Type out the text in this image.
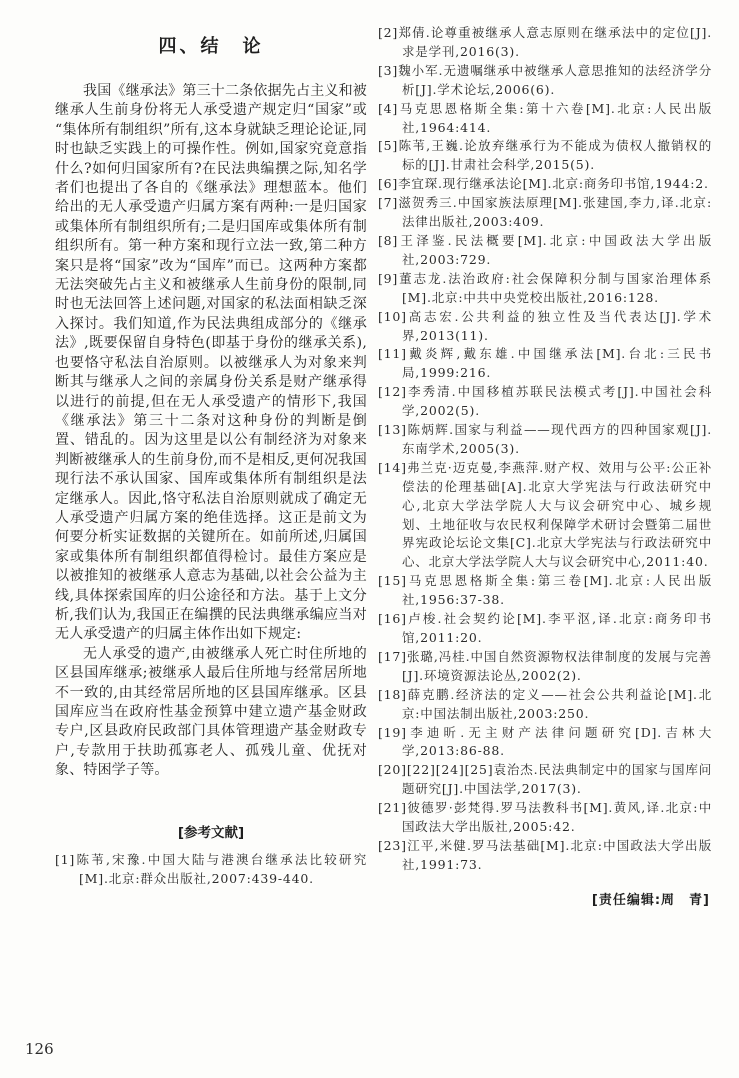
四、结　论

我国《继承法》第三十二条依据先占主义和被继承人生前身份将无人承受遗产规定归“国家”或“集体所有制组织”所有,这本身就缺乏理论论证,同时也缺乏实践上的可操作性。例如,国家究竟意指什么?如何归国家所有?在民法典编撰之际,知名学者们也提出了各自的《继承法》理想蓝本。他们给出的无人承受遗产归属方案有两种:一是归国家或集体所有制组织所有;二是归国库或集体所有制组织所有。第一种方案和现行立法一致,第二种方案只是将“国家”改为“国库”而已。这两种方案都无法突破先占主义和被继承人生前身份的限制,同时也无法回答上述问题,对国家的私法面相缺乏深入探讨。我们知道,作为民法典组成部分的《继承法》,既要保留自身特色(即基于身份的继承关系),也要恪守私法自治原则。以被继承人为对象来判断其与继承人之间的亲属身份关系是财产继承得以进行的前提,但在无人承受遗产的情形下,我国《继承法》第三十二条对这种身份的判断是倒置、错乱的。因为这里是以公有制经济为对象来判断被继承人的生前身份,而不是相反,更何况我国现行法不承认国家、国库或集体所有制组织是法定继承人。因此,恪守私法自治原则就成了确定无人承受遗产归属方案的绝佳选择。这正是前文为何要分析实证数据的关键所在。如前所述,归属国家或集体所有制组织都值得检讨。最佳方案应是以被推知的被继承人意志为基础,以社会公益为主线,具体探索国库的归公途径和方法。基于上文分析,我们认为,我国正在编撰的民法典继承编应当对无人承受遗产的归属主体作出如下规定:

无人承受的遗产,由被继承人死亡时住所地的区县国库继承;被继承人最后住所地与经常居所地不一致的,由其经常居所地的区县国库继承。区县国库应当在政府性基金预算中建立遗产基金财政专户,区县政府民政部门具体管理遗产基金财政专户,专款用于扶助孤寡老人、孤残儿童、优抚对象、特困学子等。

[参考文献]

[1]陈苇,宋豫.中国大陆与港澳台继承法比较研究[M].北京:群众出版社,2007:439-440.

[2]郑倩.论尊重被继承人意志原则在继承法中的定位[J].求是学刊,2016(3).

[3]魏小军.无遗嘱继承中被继承人意思推知的法经济学分析[J].学术论坛,2006(6).

[4]马克思恩格斯全集:第十六卷[M].北京:人民出版社,1964:414.

[5]陈苇,王巍.论放弃继承行为不能成为债权人撤销权的标的[J].甘肃社会科学,2015(5).

[6]李宜琛.现行继承法论[M].北京:商务印书馆,1944:2.

[7]滋贺秀三.中国家族法原理[M].张建国,李力,译.北京:法律出版社,2003:409.

[8]王泽鉴.民法概要[M].北京:中国政法大学出版社,2003:729.

[9]董志龙.法治政府:社会保障积分制与国家治理体系[M].北京:中共中央党校出版社,2016:128.

[10]高志宏.公共利益的独立性及当代表达[J].学术界,2013(11).

[11]戴炎辉,戴东雄.中国继承法[M].台北:三民书局,1999:216.

[12]李秀清.中国移植苏联民法模式考[J].中国社会科学,2002(5).

[13]陈炳辉.国家与利益——现代西方的四种国家观[J].东南学术,2005(3).

[14]弗兰克·迈克曼,李燕萍.财产权、效用与公平:公正补偿法的伦理基础[A].北京大学宪法与行政法研究中心,北京大学法学院人大与议会研究中心、城乡规划、土地征收与农民权利保障学术研讨会暨第二届世界宪政论坛论文集[C].北京大学宪法与行政法研究中心、北京大学法学院人大与议会研究中心,2011:40.

[15]马克思恩格斯全集:第三卷[M].北京:人民出版社,1956:37-38.

[16]卢梭.社会契约论[M].李平沤,译.北京:商务印书馆,2011:20.

[17]张璐,冯桂.中国自然资源物权法律制度的发展与完善[J].环境资源法论丛,2002(2).

[18]薛克鹏.经济法的定义——社会公共利益论[M].北京:中国法制出版社,2003:250.

[19]李迪昕.无主财产法律问题研究[D].吉林大学,2013:86-88.

[20][22][24][25]袁治杰.民法典制定中的国家与国库问题研究[J].中国法学,2017(3).

[21]彼德罗·彭梵得.罗马法教科书[M].黄风,译.北京:中国政法大学出版社,2005:42.

[23]江平,米健.罗马法基础[M].北京:中国政法大学出版社,1991:73.

[责任编辑:周　青]

126
